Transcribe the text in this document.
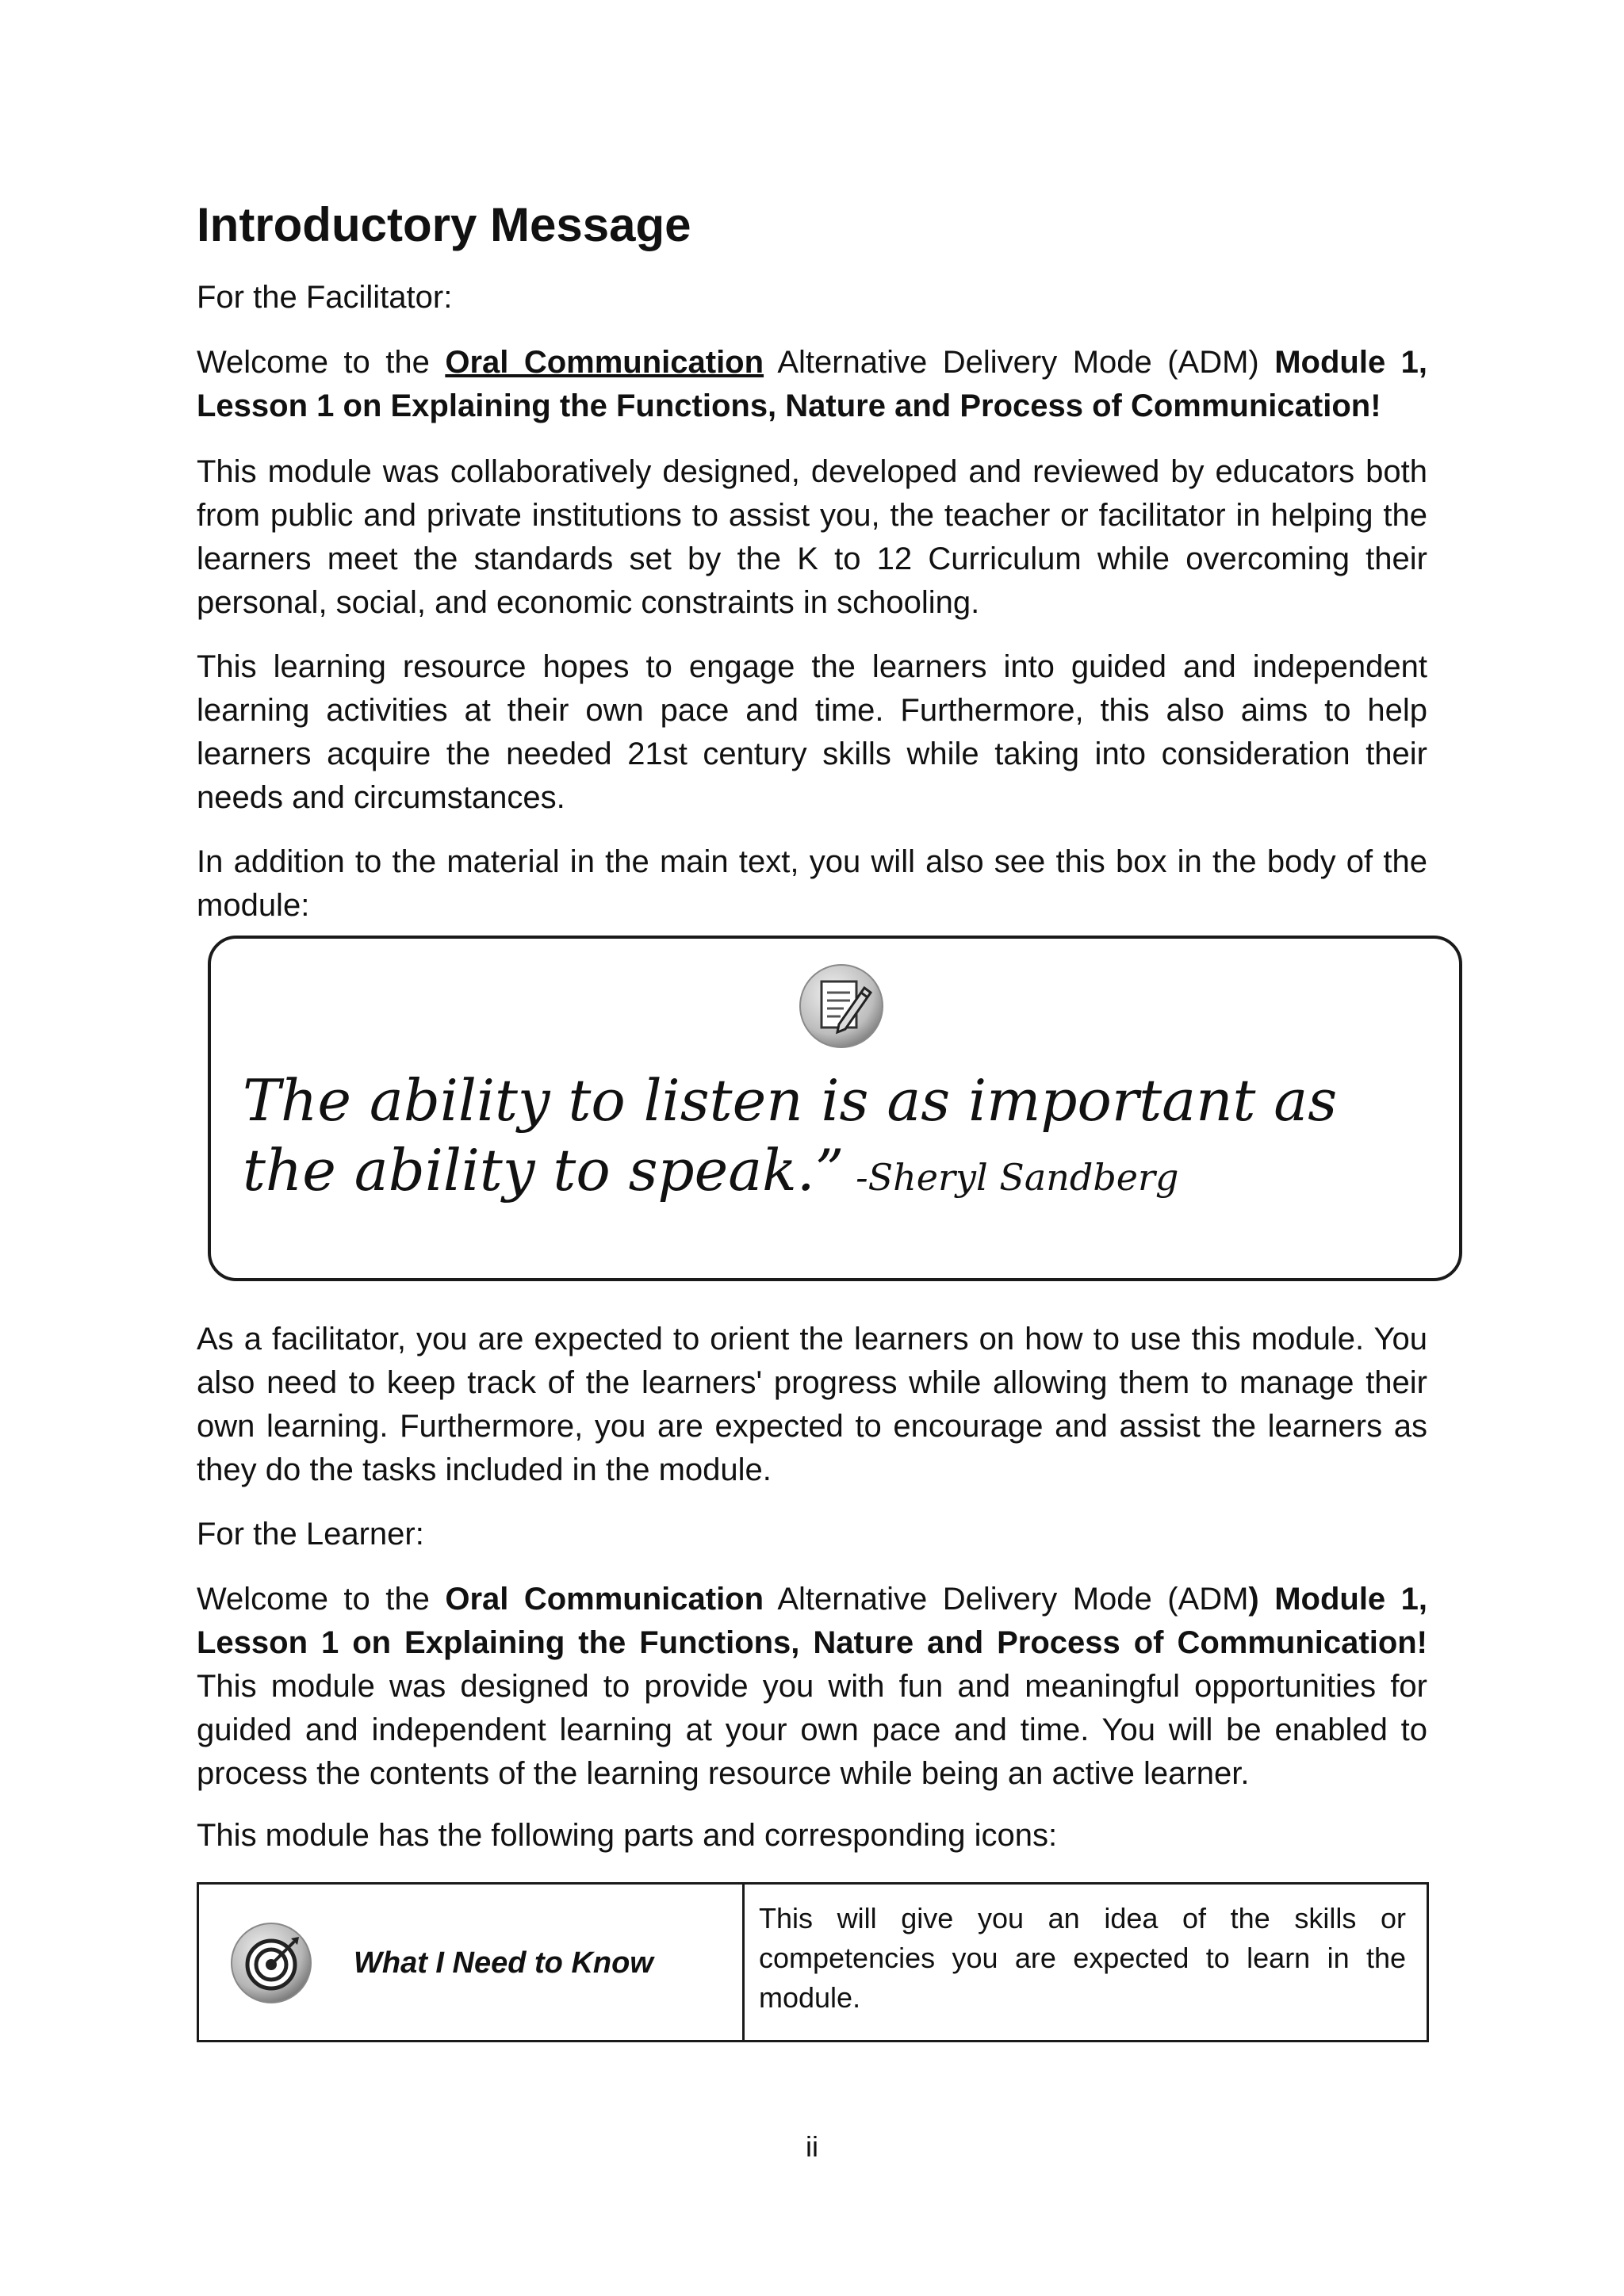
Introductory Message

For the Facilitator:

Welcome to the Oral Communication Alternative Delivery Mode (ADM) Module 1, Lesson 1 on Explaining the Functions, Nature and Process of Communication!

This module was collaboratively designed, developed and reviewed by educators both from public and private institutions to assist you, the teacher or facilitator in helping the learners meet the standards set by the K to 12 Curriculum while overcoming their personal, social, and economic constraints in schooling.

This learning resource hopes to engage the learners into guided and independent learning activities at their own pace and time. Furthermore, this also aims to help learners acquire the needed 21st century skills while taking into consideration their needs and circumstances.

In addition to the material in the main text, you will also see this box in the body of the module:

As a facilitator, you are expected to orient the learners on how to use this module. You also need to keep track of the learners' progress while allowing them to manage their own learning. Furthermore, you are expected to encourage and assist the learners as they do the tasks included in the module.

For the Learner:

Welcome to the Oral Communication Alternative Delivery Mode (ADM) Module 1, Lesson 1 on Explaining the Functions, Nature and Process of Communication! This module was designed to provide you with fun and meaningful opportunities for guided and independent learning at your own pace and time. You will be enabled to process the contents of the learning resource while being an active learner.

This module has the following parts and corresponding icons:

The ability to listen is as important as the ability to speak.” -Sheryl Sandberg

What I Need to Know

This will give you an idea of the skills or competencies you are expected to learn in the module.

ii
